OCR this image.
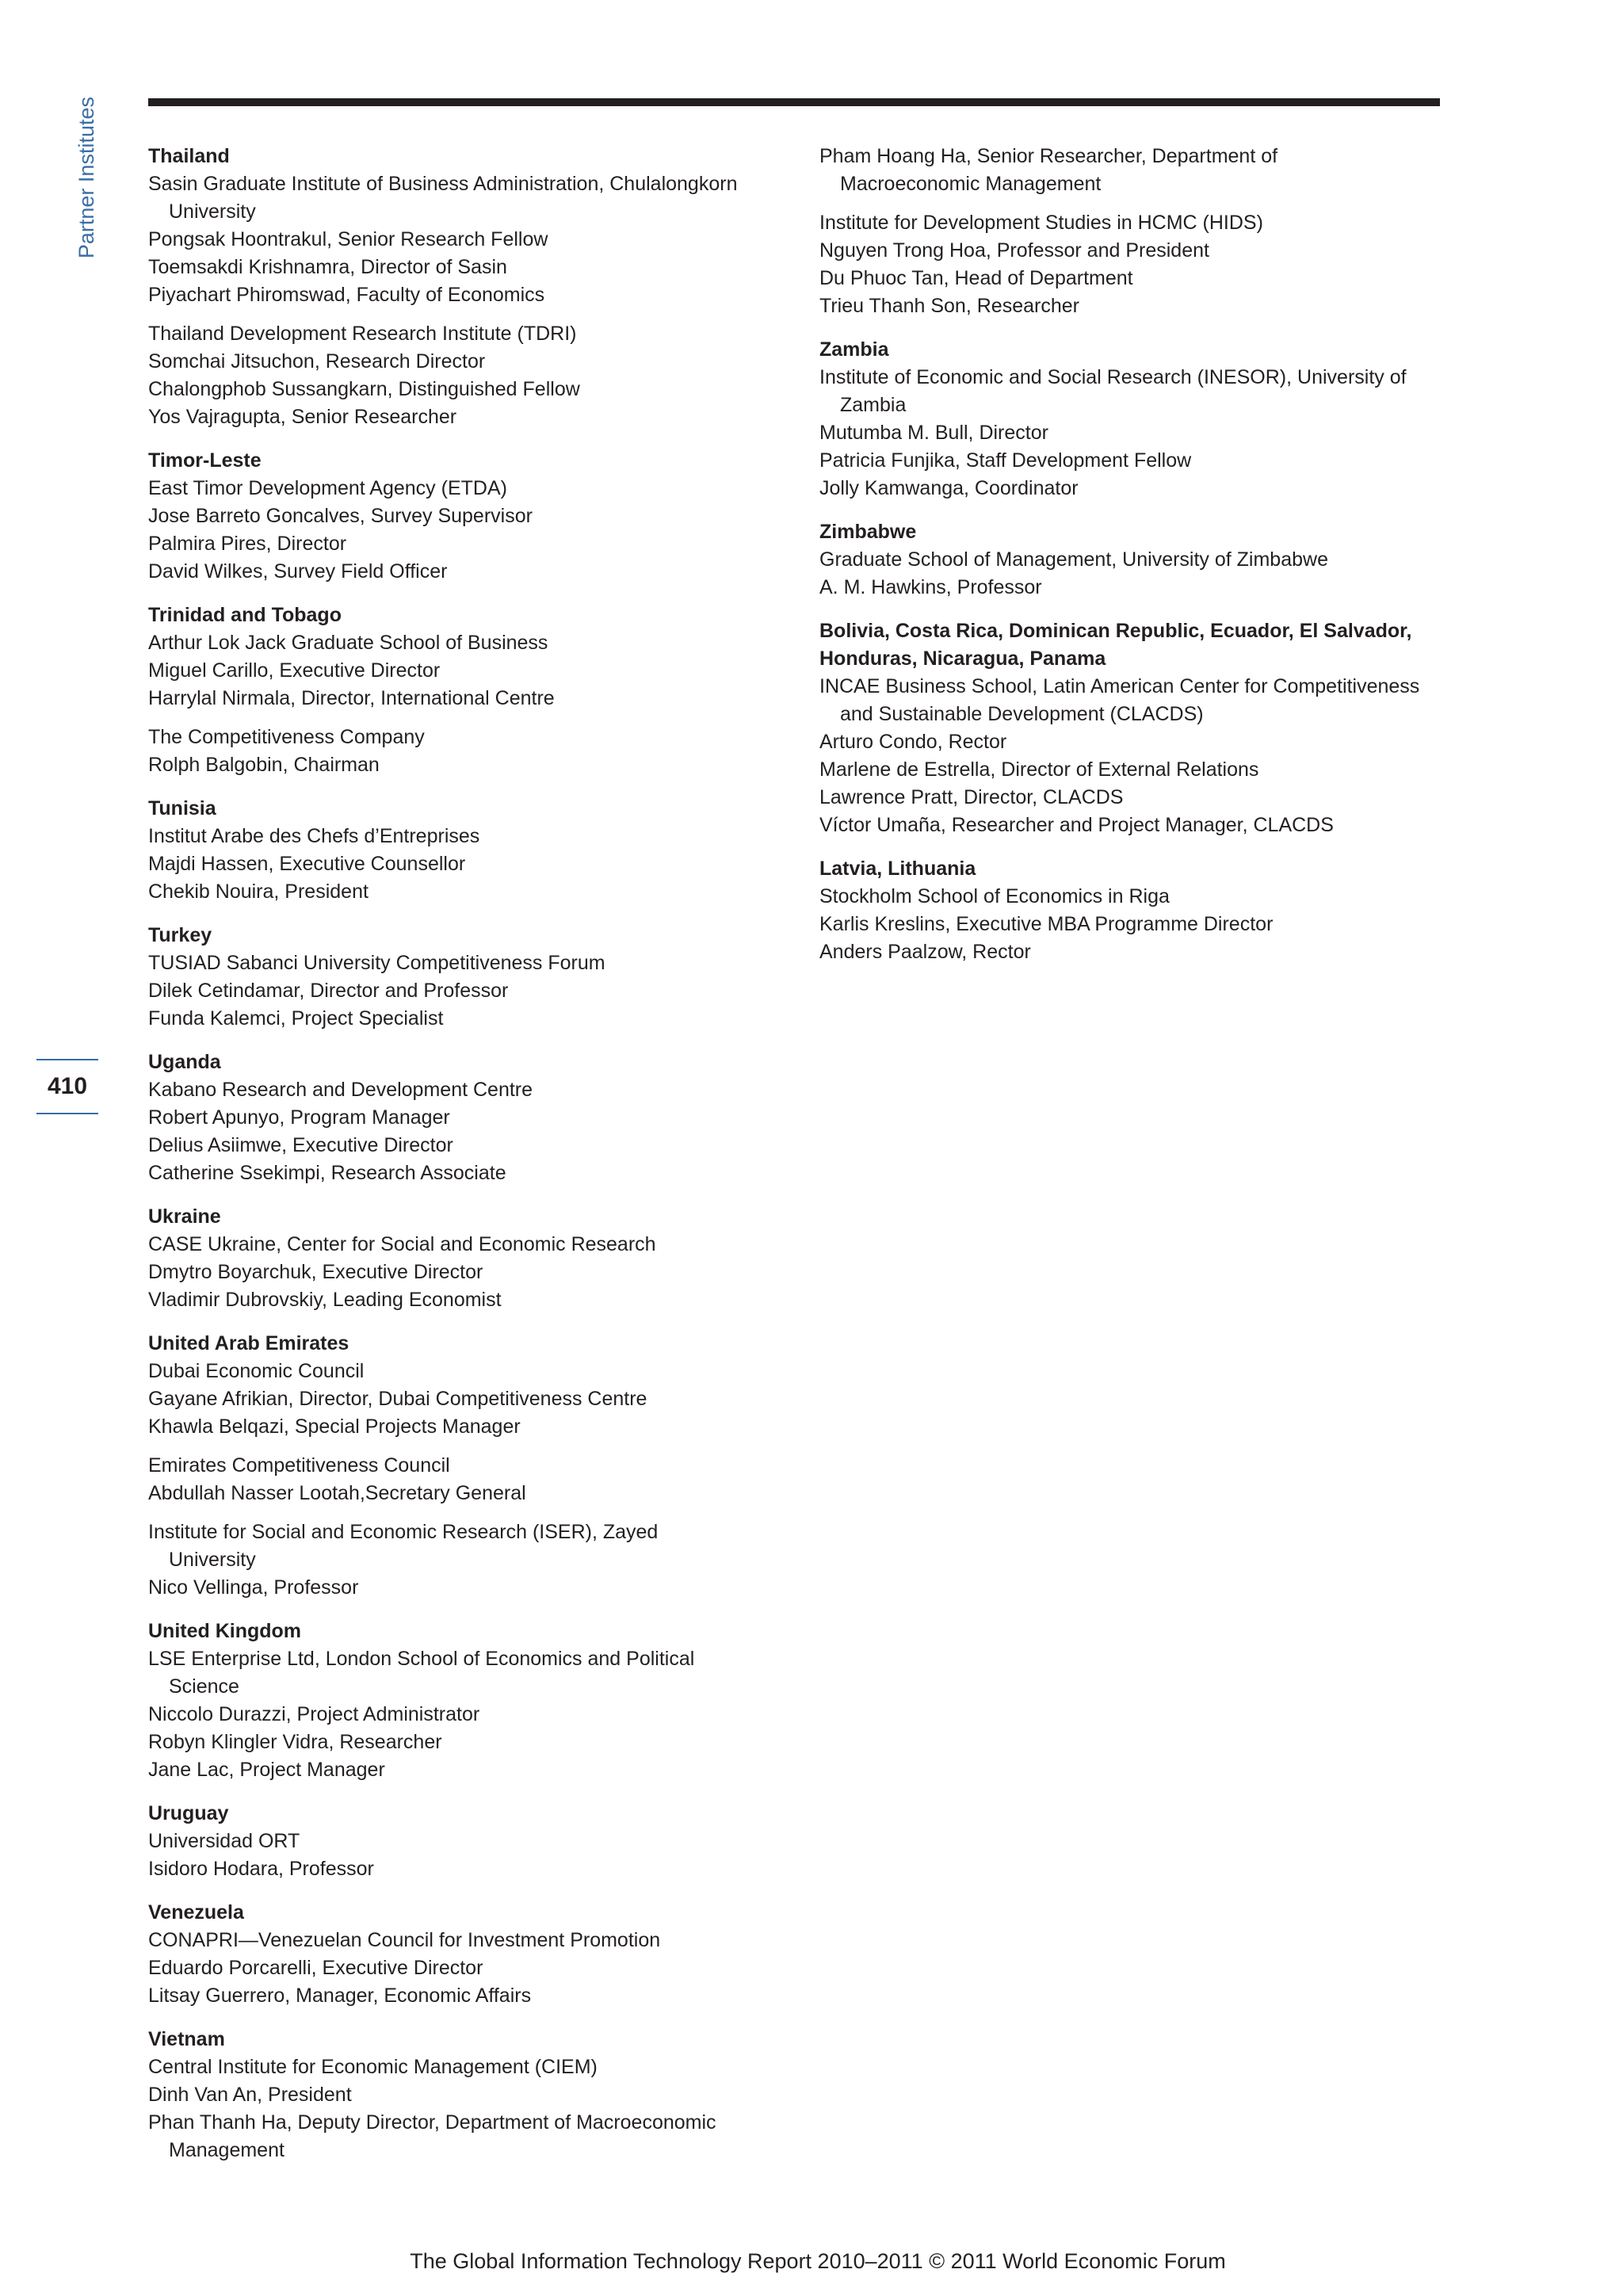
Partner Institutes
410
Thailand
Sasin Graduate Institute of Business Administration, Chulalongkorn University
Pongsak Hoontrakul, Senior Research Fellow
Toemsakdi Krishnamra, Director of Sasin
Piyachart Phiromswad, Faculty of Economics
Thailand Development Research Institute (TDRI)
Somchai Jitsuchon, Research Director
Chalongphob Sussangkarn, Distinguished Fellow
Yos Vajragupta, Senior Researcher
Timor-Leste
East Timor Development Agency (ETDA)
Jose Barreto Goncalves, Survey Supervisor
Palmira Pires, Director
David Wilkes, Survey Field Officer
Trinidad and Tobago
Arthur Lok Jack Graduate School of Business
Miguel Carillo, Executive Director
Harrylal Nirmala, Director, International Centre
The Competitiveness Company
Rolph Balgobin, Chairman
Tunisia
Institut Arabe des Chefs d’Entreprises
Majdi Hassen, Executive Counsellor
Chekib Nouira, President
Turkey
TUSIAD Sabanci University Competitiveness Forum
Dilek Cetindamar, Director and Professor
Funda Kalemci, Project Specialist
Uganda
Kabano Research and Development Centre
Robert Apunyo, Program Manager
Delius Asiimwe, Executive Director
Catherine Ssekimpi, Research Associate
Ukraine
CASE Ukraine, Center for Social and Economic Research
Dmytro Boyarchuk, Executive Director
Vladimir Dubrovskiy, Leading Economist
United Arab Emirates
Dubai Economic Council
Gayane Afrikian, Director, Dubai Competitiveness Centre
Khawla Belqazi, Special Projects Manager
Emirates Competitiveness Council
Abdullah Nasser Lootah,Secretary General
Institute for Social and Economic Research (ISER), Zayed University
Nico Vellinga, Professor
United Kingdom
LSE Enterprise Ltd, London School of Economics and Political Science
Niccolo Durazzi, Project Administrator
Robyn Klingler Vidra, Researcher
Jane Lac, Project Manager
Uruguay
Universidad ORT
Isidoro Hodara, Professor
Venezuela
CONAPRI—Venezuelan Council for Investment Promotion
Eduardo Porcarelli, Executive Director
Litsay Guerrero, Manager, Economic Affairs
Vietnam
Central Institute for Economic Management (CIEM)
Dinh Van An, President
Phan Thanh Ha, Deputy Director, Department of Macroeconomic Management
Pham Hoang Ha, Senior Researcher, Department of Macroeconomic Management
Institute for Development Studies in HCMC (HIDS)
Nguyen Trong Hoa, Professor and President
Du Phuoc Tan, Head of Department
Trieu Thanh Son, Researcher
Zambia
Institute of Economic and Social Research (INESOR), University of Zambia
Mutumba M. Bull, Director
Patricia Funjika, Staff Development Fellow
Jolly Kamwanga, Coordinator
Zimbabwe
Graduate School of Management, University of Zimbabwe
A. M. Hawkins, Professor
Bolivia, Costa Rica, Dominican Republic, Ecuador, El Salvador, Honduras, Nicaragua, Panama
INCAE Business School, Latin American Center for Competitiveness and Sustainable Development (CLACDS)
Arturo Condo, Rector
Marlene de Estrella, Director of External Relations
Lawrence Pratt, Director, CLACDS
Víctor Umaña, Researcher and Project Manager, CLACDS
Latvia, Lithuania
Stockholm School of Economics in Riga
Karlis Kreslins, Executive MBA Programme Director
Anders Paalzow, Rector
The Global Information Technology Report 2010–2011 © 2011 World Economic Forum
